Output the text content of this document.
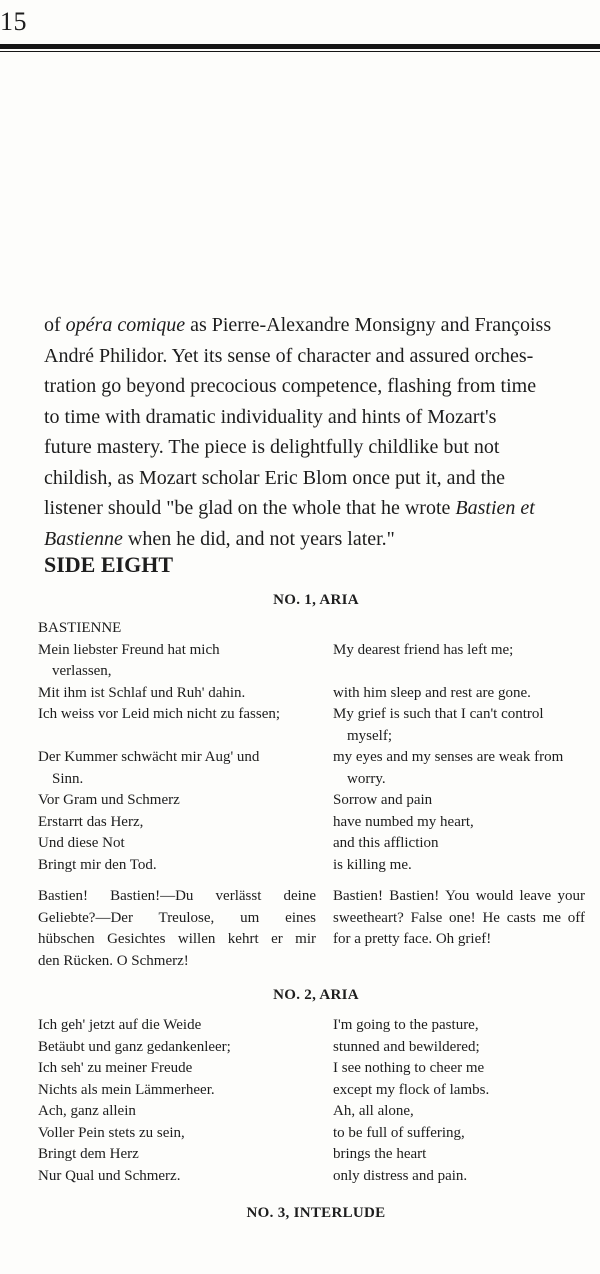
15

of opéra comique as Pierre-Alexandre Monsigny and Françoiss
André Philidor. Yet its sense of character and assured orches-
tration go beyond precocious competence, flashing from time
to time with dramatic individuality and hints of Mozart's
future mastery. The piece is delightfully childlike but not
childish, as Mozart scholar Eric Blom once put it, and the
listener should "be glad on the whole that he wrote Bastien et
Bastienne when he did, and not years later."

SIDE EIGHT
NO. 1, ARIA
BASTIENNE
Mein liebster Freund hat mich
verlassen,
Mit ihm ist Schlaf und Ruh' dahin.
Ich weiss vor Leid mich nicht zu fassen;
Der Kummer schwächt mir Aug' und
Sinn.
Vor Gram und Schmerz
Erstarrt das Herz,
Und diese Not
Bringt mir den Tod.
My dearest friend has left me;
with him sleep and rest are gone.
My grief is such that I can't control
myself;
my eyes and my senses are weak from
worry.
Sorrow and pain
have numbed my heart,
and this affliction
is killing me.
Bastien! Bastien!—Du verlässt deine
Geliebte?—Der Treulose, um eines
hübschen Gesichtes willen kehrt er mir
den Rücken. O Schmerz!
Bastien! Bastien! You would leave your
sweetheart? False one! He casts me off
for a pretty face. Oh grief!
NO. 2, ARIA
Ich geh' jetzt auf die Weide
Betäubt und ganz gedankenleer;
Ich seh' zu meiner Freude
Nichts als mein Lämmerheer.
Ach, ganz allein
Voller Pein stets zu sein,
Bringt dem Herz
Nur Qual und Schmerz.
I'm going to the pasture,
stunned and bewildered;
I see nothing to cheer me
except my flock of lambs.
Ah, all alone,
to be full of suffering,
brings the heart
only distress and pain.
NO. 3, INTERLUDE
